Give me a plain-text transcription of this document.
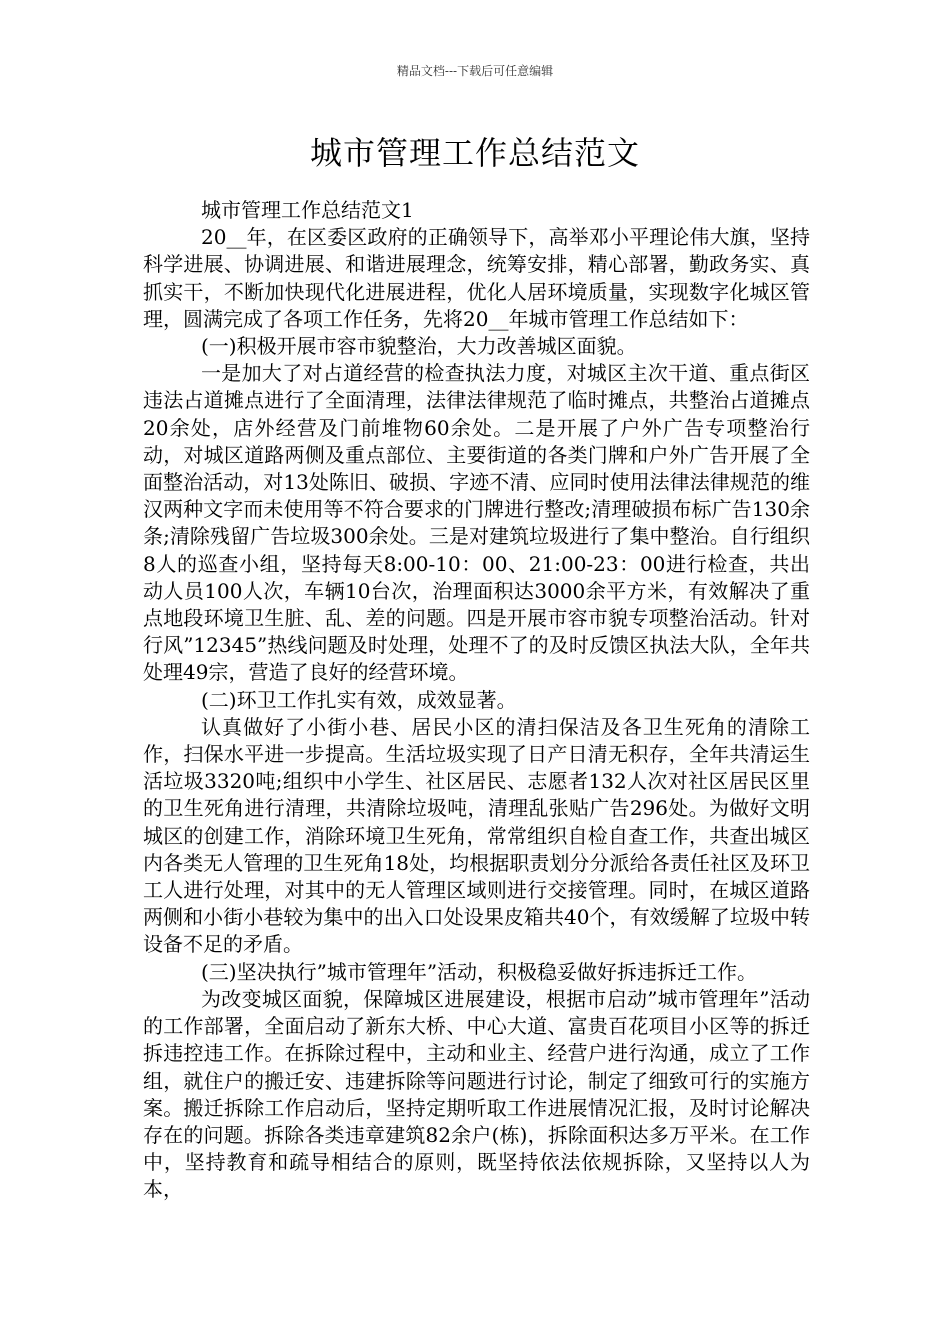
精品文档---下载后可任意编辑
城市管理工作总结范文

城市管理工作总结范文1

20__年，在区委区政府的正确领导下，高举邓小平理论伟大旗，坚持科学进展、协调进展、和谐进展理念，统筹安排，精心部署，勤政务实、真抓实干，不断加快现代化进展进程，优化人居环境质量，实现数字化城区管理，圆满完成了各项工作任务，先将20__年城市管理工作总结如下：

(一)积极开展市容市貌整治，大力改善城区面貌。

一是加大了对占道经营的检查执法力度，对城区主次干道、重点街区违法占道摊点进行了全面清理，法律法律规范了临时摊点，共整治占道摊点20余处，店外经营及门前堆物60余处。二是开展了户外广告专项整治行动，对城区道路两侧及重点部位、主要街道的各类门牌和户外广告开展了全面整治活动，对13处陈旧、破损、字迹不清、应同时使用法律法律规范的维汉两种文字而未使用等不符合要求的门牌进行整改;清理破损布标广告130余条;清除残留广告垃圾300余处。三是对建筑垃圾进行了集中整治。自行组织8人的巡查小组，坚持每天8:00-10：00、21:00-23：00进行检查，共出动人员100人次，车辆10台次，治理面积达3000余平方米，有效解决了重点地段环境卫生脏、乱、差的问题。四是开展市容市貌专项整治活动。针对行风”12345”热线问题及时处理，处理不了的及时反馈区执法大队，全年共处理49宗，营造了良好的经营环境。

(二)环卫工作扎实有效，成效显著。

认真做好了小街小巷、居民小区的清扫保洁及各卫生死角的清除工作，扫保水平进一步提高。生活垃圾实现了日产日清无积存，全年共清运生活垃圾3320吨;组织中小学生、社区居民、志愿者132人次对社区居民区里的卫生死角进行清理，共清除垃圾吨，清理乱张贴广告296处。为做好文明城区的创建工作，消除环境卫生死角，常常组织自检自查工作，共查出城区内各类无人管理的卫生死角18处，均根据职责划分分派给各责任社区及环卫工人进行处理，对其中的无人管理区域则进行交接管理。同时，在城区道路两侧和小街小巷较为集中的出入口处设果皮箱共40个，有效缓解了垃圾中转设备不足的矛盾。

(三)坚决执行”城市管理年”活动，积极稳妥做好拆违拆迁工作。

为改变城区面貌，保障城区进展建设，根据市启动”城市管理年”活动的工作部署，全面启动了新东大桥、中心大道、富贵百花项目小区等的拆迁拆违控违工作。在拆除过程中，主动和业主、经营户进行沟通，成立了工作组，就住户的搬迁安、违建拆除等问题进行讨论，制定了细致可行的实施方案。搬迁拆除工作启动后，坚持定期听取工作进展情况汇报，及时讨论解决存在的问题。拆除各类违章建筑82余户(栋)，拆除面积达多万平米。在工作中，坚持教育和疏导相结合的原则，既坚持依法依规拆除，又坚持以人为本，
